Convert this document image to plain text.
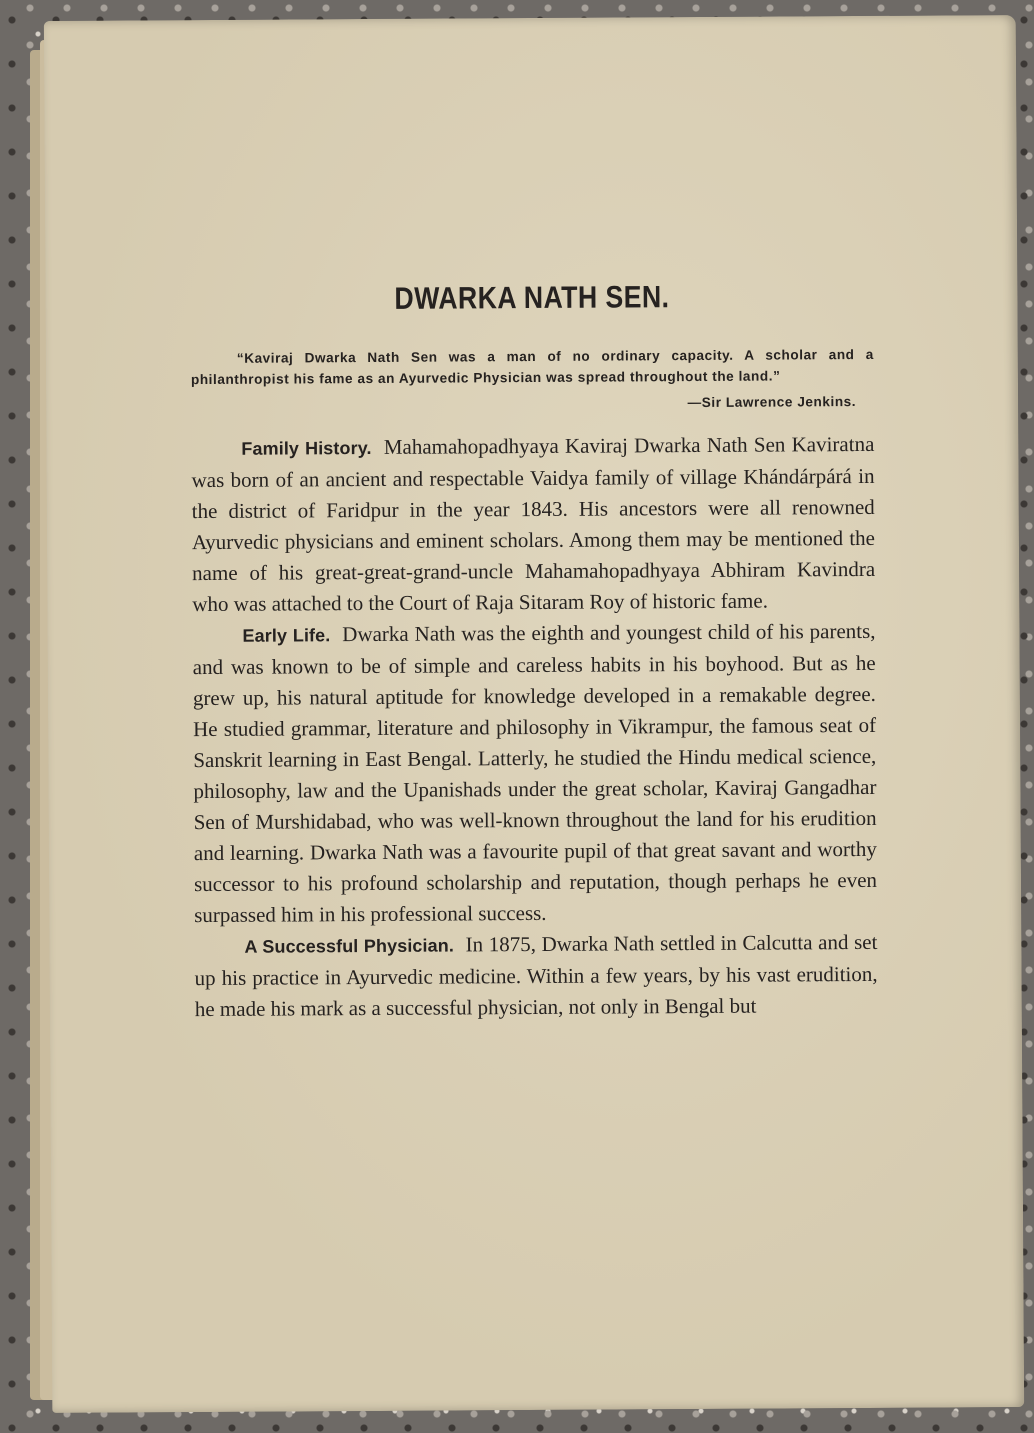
DWARKA NATH SEN.

“Kaviraj Dwarka Nath Sen was a man of no ordinary capacity. A scholar and a philanthropist his fame as an Ayurvedic Physician was spread throughout the land.”

—Sir Lawrence Jenkins.

Family History. Mahamahopadhyaya Kaviraj Dwarka Nath Sen Kaviratna was born of an ancient and respectable Vaidya family of village Khándárpárá in the district of Faridpur in the year 1843. His ancestors were all renowned Ayurvedic physicians and eminent scholars. Among them may be mentioned the name of his great-great-grand-uncle Mahamahopadhyaya Abhiram Kavindra who was attached to the Court of Raja Sitaram Roy of historic fame.

Early Life. Dwarka Nath was the eighth and youngest child of his parents, and was known to be of simple and careless habits in his boyhood. But as he grew up, his natural aptitude for knowledge developed in a remakable degree. He studied grammar, literature and philosophy in Vikrampur, the famous seat of Sanskrit learning in East Bengal. Latterly, he studied the Hindu medical science, philosophy, law and the Upanishads under the great scholar, Kaviraj Gangadhar Sen of Murshidabad, who was well-known throughout the land for his erudition and learning. Dwarka Nath was a favourite pupil of that great savant and worthy successor to his profound scholarship and reputation, though perhaps he even surpassed him in his professional success.

A Successful Physician. In 1875, Dwarka Nath settled in Calcutta and set up his practice in Ayurvedic medicine. Within a few years, by his vast erudition, he made his mark as a successful physician, not only in Bengal but
